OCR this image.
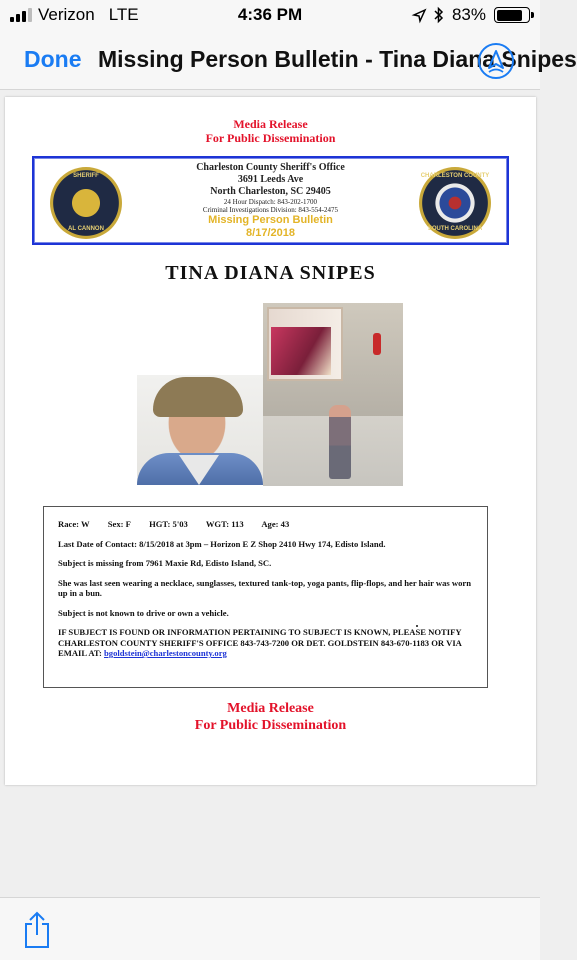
Verizon LTE	4:36 PM	83%
Done Missing Person Bulletin - Tina Diana Snipes
Media Release
For Public Dissemination
SHERIFF
AL CANNON
Charleston County Sheriff's Office
3691 Leeds Ave
North Charleston, SC 29405
24 Hour Dispatch: 843-202-1700
Criminal Investigations Division: 843-554-2475
Missing Person Bulletin
8/17/2018
CHARLESTON COUNTY
SOUTH CAROLINA
TINA DIANA SNIPES

Race: W Sex: F HGT: 5'03 WGT: 113 Age: 43

Last Date of Contact: 8/15/2018 at 3pm – Horizon E Z Shop 2410 Hwy 174, Edisto Island.

Subject is missing from 7961 Maxie Rd, Edisto Island, SC.

She was last seen wearing a necklace, sunglasses, textured tank-top, yoga pants, flip-flops, and her hair was worn up in a bun.

Subject is not known to drive or own a vehicle.

IF SUBJECT IS FOUND OR INFORMATION PERTAINING TO SUBJECT IS KNOWN, PLEASE NOTIFY CHARLESTON COUNTY SHERIFF'S OFFICE 843-743-7200 OR DET. GOLDSTEIN 843-670-1183 OR VIA EMAIL AT: bgoldstein@charlestoncounty.org

Media Release
For Public Dissemination
